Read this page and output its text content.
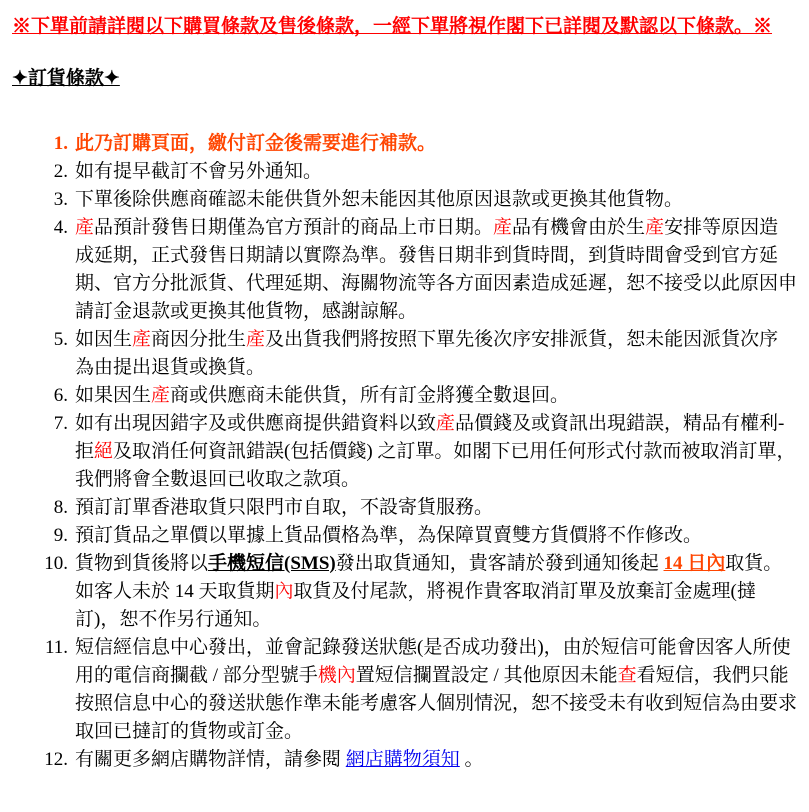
※下單前請詳閱以下購買條款及售後條款，一經下單將視作閣下已詳閱及默認以下條款。※

✦訂貨條款✦
1. 此乃訂購頁面，繳付訂金後需要進行補款。
2. 如有提早截訂不會另外通知。
3. 下單後除供應商確認未能供貨外恕未能因其他原因退款或更換其他貨物。
4. 產品預計發售日期僅為官方預計的商品上市日期。產品有機會由於生產安排等原因造成延期，正式發售日期請以實際為準。發售日期非到貨時間，到貨時間會受到官方延期、官方分批派貨、代理延期、海關物流等各方面因素造成延遲，恕不接受以此原因申請訂金退款或更換其他貨物，感謝諒解。
5. 如因生產商因分批生產及出貨我們將按照下單先後次序安排派貨，恕未能因派貨次序為由提出退貨或換貨。
6. 如果因生產商或供應商未能供貨，所有訂金將獲全數退回。
7. 如有出現因錯字及或供應商提供錯資料以致產品價錢及或資訊出現錯誤，精品有權利-拒絕及取消任何資訊錯誤(包括價錢) 之訂單。如閣下已用任何形式付款而被取消訂單，我們將會全數退回已收取之款項。
8. 預訂訂單香港取貨只限門市自取，不設寄貨服務。
9. 預訂貨品之單價以單據上貨品價格為準，為保障買賣雙方貨價將不作修改。
10. 貨物到貨後將以手機短信(SMS)發出取貨通知，貴客請於發到通知後起 14 日內取貨。如客人未於 14 天取貨期內取貨及付尾款，將視作貴客取消訂單及放棄訂金處理(撻訂)，恕不作另行通知。
11. 短信經信息中心發出，並會記錄發送狀態(是否成功發出)，由於短信可能會因客人所使用的電信商攔截 / 部分型號手機內置短信攔置設定 / 其他原因未能查看短信，我們只能按照信息中心的發送狀態作準未能考慮客人個別情況，恕不接受未有收到短信為由要求取回已撻訂的貨物或訂金。
12. 有關更多網店購物詳情，請參閱 網店購物須知 。
